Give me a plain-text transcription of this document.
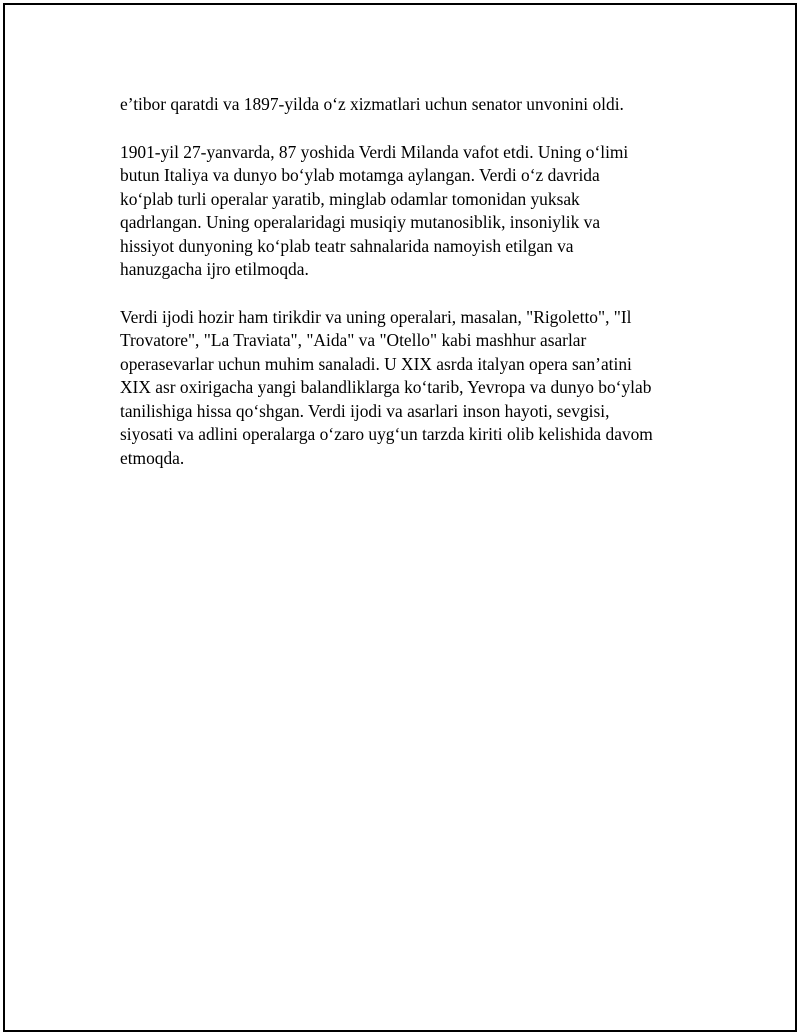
e’tibor qaratdi va 1897-yilda o‘z xizmatlari uchun senator unvonini oldi.

1901-yil 27-yanvarda, 87 yoshida Verdi Milanda vafot etdi. Uning o‘limi
butun Italiya va dunyo bo‘ylab motamga aylangan. Verdi o‘z davrida
ko‘plab turli operalar yaratib, minglab odamlar tomonidan yuksak
qadrlangan. Uning operalaridagi musiqiy mutanosiblik, insoniylik va
hissiyot dunyoning ko‘plab teatr sahnalarida namoyish etilgan va
hanuzgacha ijro etilmoqda.

Verdi ijodi hozir ham tirikdir va uning operalari, masalan, "Rigoletto", "Il
Trovatore", "La Traviata", "Aida" va "Otello" kabi mashhur asarlar
operasevarlar uchun muhim sanaladi. U XIX asrda italyan opera san’atini
XIX asr oxirigacha yangi balandliklarga ko‘tarib, Yevropa va dunyo bo‘ylab
tanilishiga hissa qo‘shgan. Verdi ijodi va asarlari inson hayoti, sevgisi,
siyosati va adlini operalarga o‘zaro uyg‘un tarzda kiriti olib kelishida davom
etmoqda.
